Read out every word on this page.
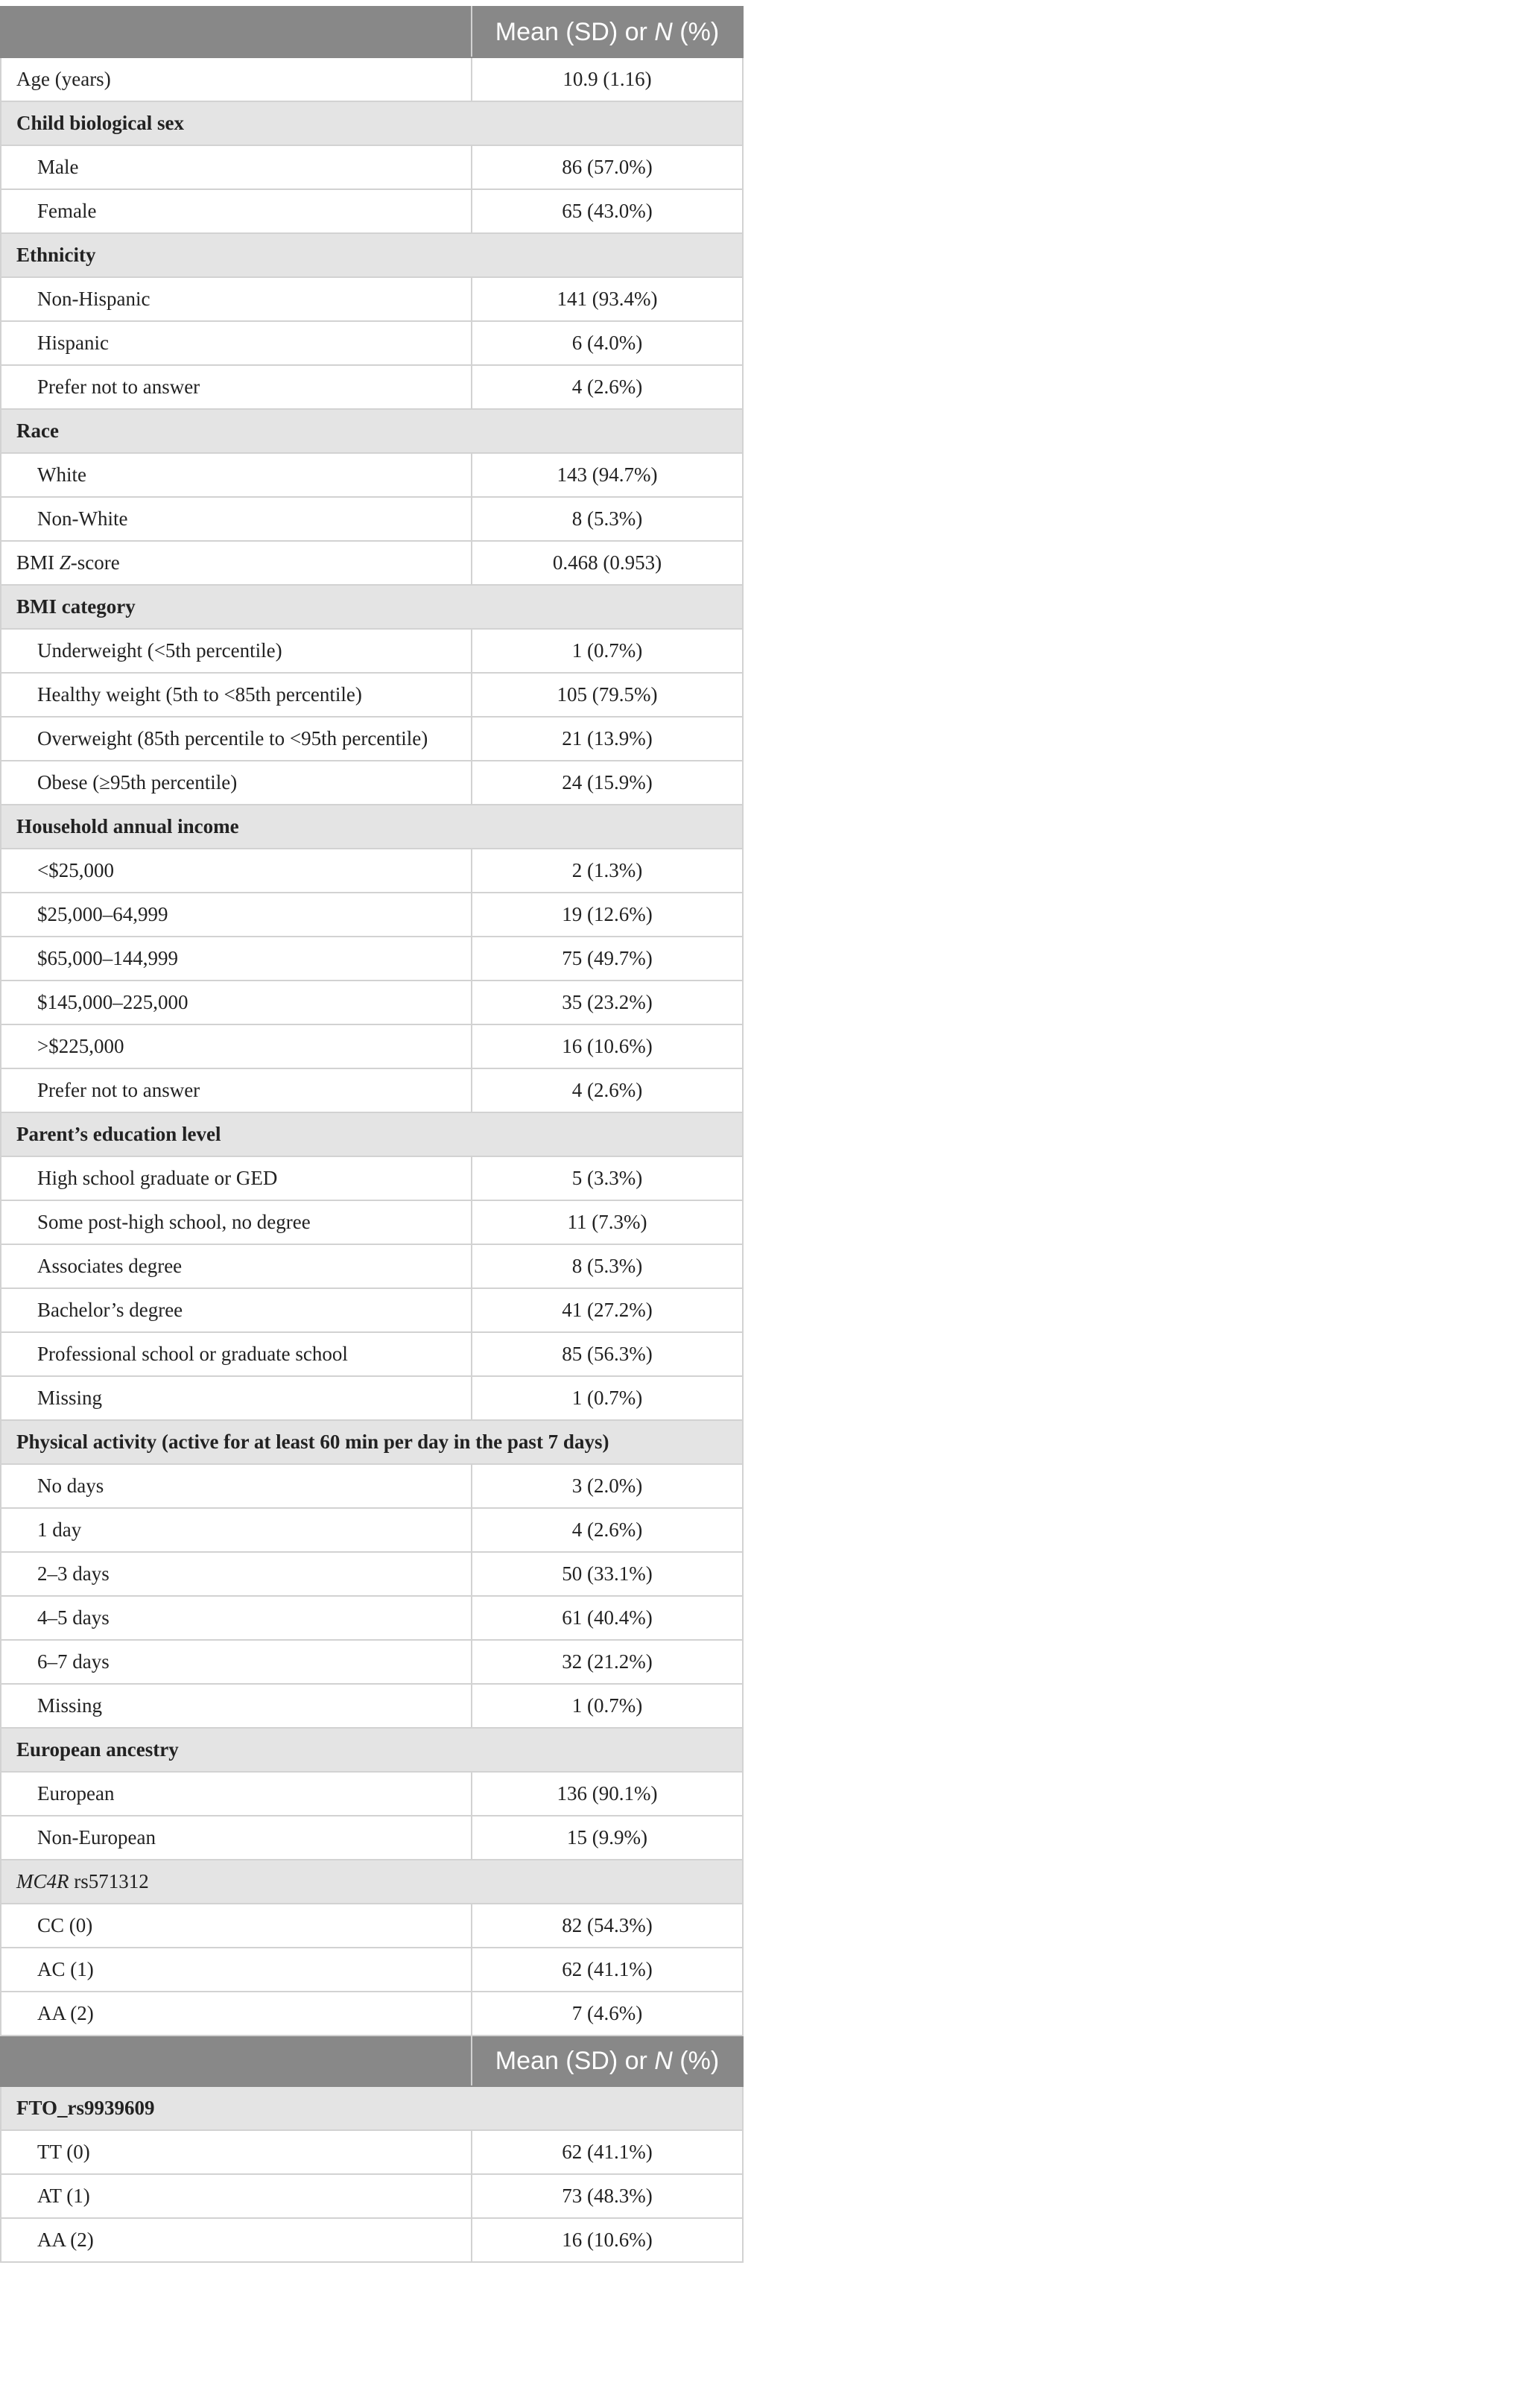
	Mean (SD) or N (%)
Age (years)	10.9 (1.16)
Child biological sex	
Male	86 (57.0%)
Female	65 (43.0%)
Ethnicity	
Non-Hispanic	141 (93.4%)
Hispanic	6 (4.0%)
Prefer not to answer	4 (2.6%)
Race	
White	143 (94.7%)
Non-White	8 (5.3%)
BMI Z-score	0.468 (0.953)
BMI category	
Underweight (<5th percentile)	1 (0.7%)
Healthy weight (5th to <85th percentile)	105 (79.5%)
Overweight (85th percentile to <95th percentile)	21 (13.9%)
Obese (≥95th percentile)	24 (15.9%)
Household annual income	
<$25,000	2 (1.3%)
$25,000–64,999	19 (12.6%)
$65,000–144,999	75 (49.7%)
$145,000–225,000	35 (23.2%)
>$225,000	16 (10.6%)
Prefer not to answer	4 (2.6%)
Parent’s education level	
High school graduate or GED	5 (3.3%)
Some post-high school, no degree	11 (7.3%)
Associates degree	8 (5.3%)
Bachelor’s degree	41 (27.2%)
Professional school or graduate school	85 (56.3%)
Missing	1 (0.7%)
Physical activity (active for at least 60 min per day in the past 7 days)	
No days	3 (2.0%)
1 day	4 (2.6%)
2–3 days	50 (33.1%)
4–5 days	61 (40.4%)
6–7 days	32 (21.2%)
Missing	1 (0.7%)
European ancestry	
European	136 (90.1%)
Non-European	15 (9.9%)
MC4R rs571312	
CC (0)	82 (54.3%)
AC (1)	62 (41.1%)
AA (2)	7 (4.6%)
	Mean (SD) or N (%)
FTO_rs9939609	
TT (0)	62 (41.1%)
AT (1)	73 (48.3%)
AA (2)	16 (10.6%)
